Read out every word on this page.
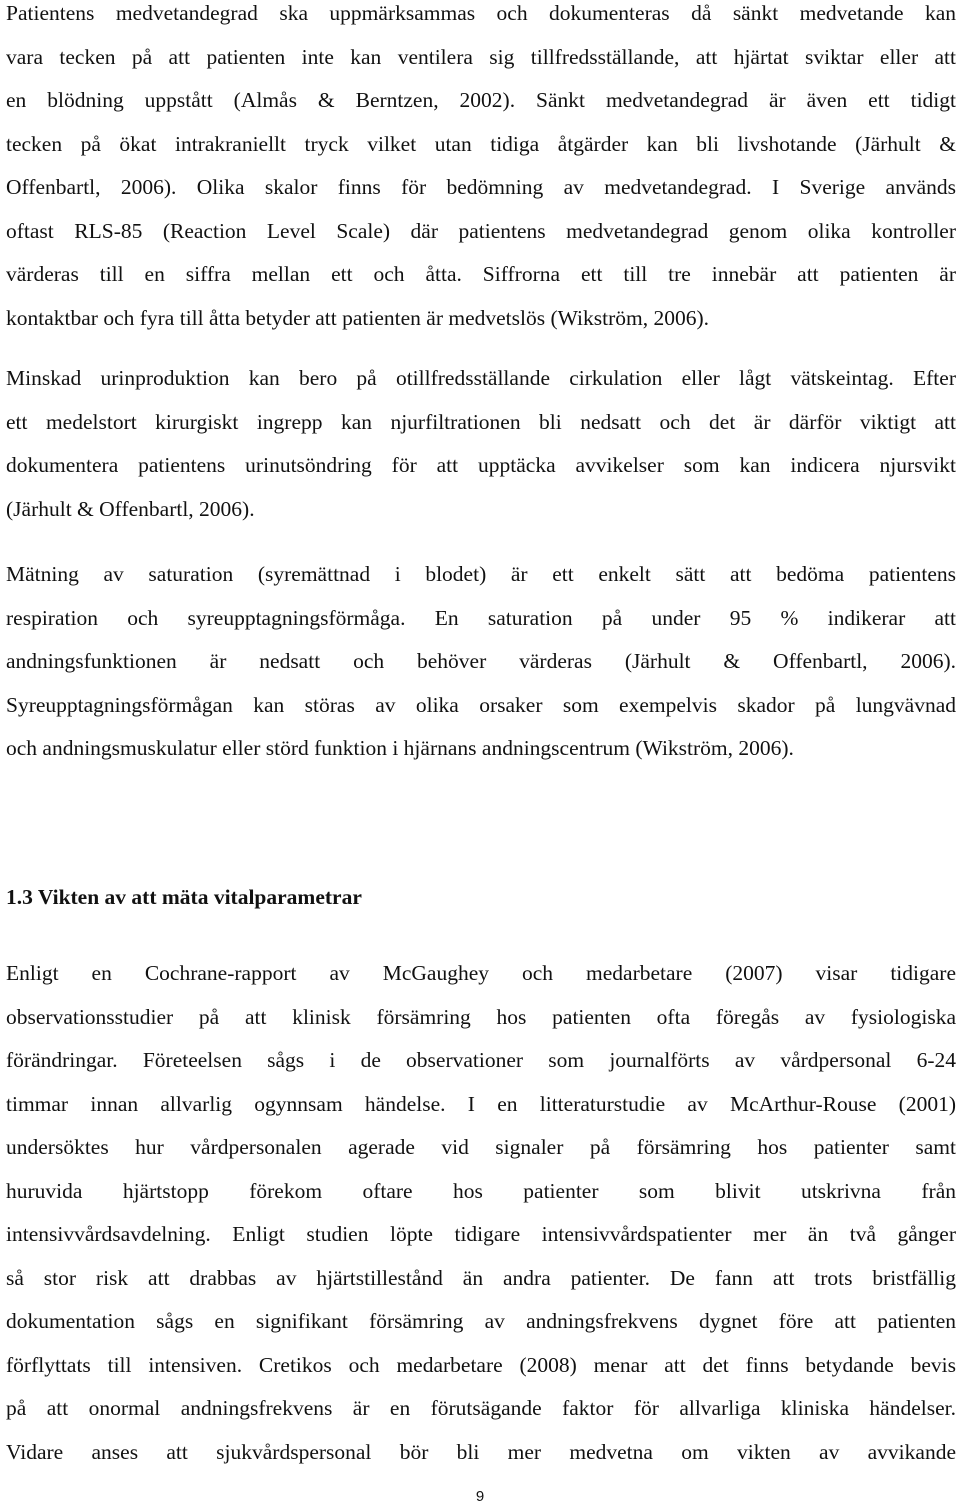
Patientens medvetandegrad ska uppmärksammas och dokumenteras då sänkt medvetande kan
vara tecken på att patienten inte kan ventilera sig tillfredsställande, att hjärtat sviktar eller att
en blödning uppstått (Almås & Berntzen, 2002). Sänkt medvetandegrad är även ett tidigt
tecken på ökat intrakraniellt tryck vilket utan tidiga åtgärder kan bli livshotande (Järhult &
Offenbartl, 2006). Olika skalor finns för bedömning av medvetandegrad. I Sverige används
oftast RLS-85 (Reaction Level Scale) där patientens medvetandegrad genom olika kontroller
värderas till en siffra mellan ett och åtta. Siffrorna ett till tre innebär att patienten är
kontaktbar och fyra till åtta betyder att patienten är medvetslös (Wikström, 2006).
Minskad urinproduktion kan bero på otillfredsställande cirkulation eller lågt vätskeintag. Efter
ett medelstort kirurgiskt ingrepp kan njurfiltrationen bli nedsatt och det är därför viktigt att
dokumentera patientens urinutsöndring för att upptäcka avvikelser som kan indicera njursvikt
(Järhult & Offenbartl, 2006).
Mätning av saturation (syremättnad i blodet) är ett enkelt sätt att bedöma patientens
respiration och syreupptagningsförmåga. En saturation på under 95 % indikerar att
andningsfunktionen är nedsatt och behöver värderas (Järhult & Offenbartl, 2006).
Syreupptagningsförmågan kan störas av olika orsaker som exempelvis skador på lungvävnad
och andningsmuskulatur eller störd funktion i hjärnans andningscentrum (Wikström, 2006).
1.3 Vikten av att mäta vitalparametrar
Enligt en Cochrane-rapport av McGaughey och medarbetare (2007) visar tidigare
observationsstudier på att klinisk försämring hos patienten ofta föregås av fysiologiska
förändringar. Företeelsen sågs i de observationer som journalförts av vårdpersonal 6-24
timmar innan allvarlig ogynnsam händelse. I en litteraturstudie av McArthur-Rouse (2001)
undersöktes hur vårdpersonalen agerade vid signaler på försämring hos patienter samt
huruvida hjärtstopp förekom oftare hos patienter som blivit utskrivna från
intensivvårdsavdelning. Enligt studien löpte tidigare intensivvårdspatienter mer än två gånger
så stor risk att drabbas av hjärtstillestånd än andra patienter. De fann att trots bristfällig
dokumentation sågs en signifikant försämring av andningsfrekvens dygnet före att patienten
förflyttats till intensiven. Cretikos och medarbetare (2008) menar att det finns betydande bevis
på att onormal andningsfrekvens är en förutsägande faktor för allvarliga kliniska händelser.
Vidare anses att sjukvårdspersonal bör bli mer medvetna om vikten av avvikande
9
